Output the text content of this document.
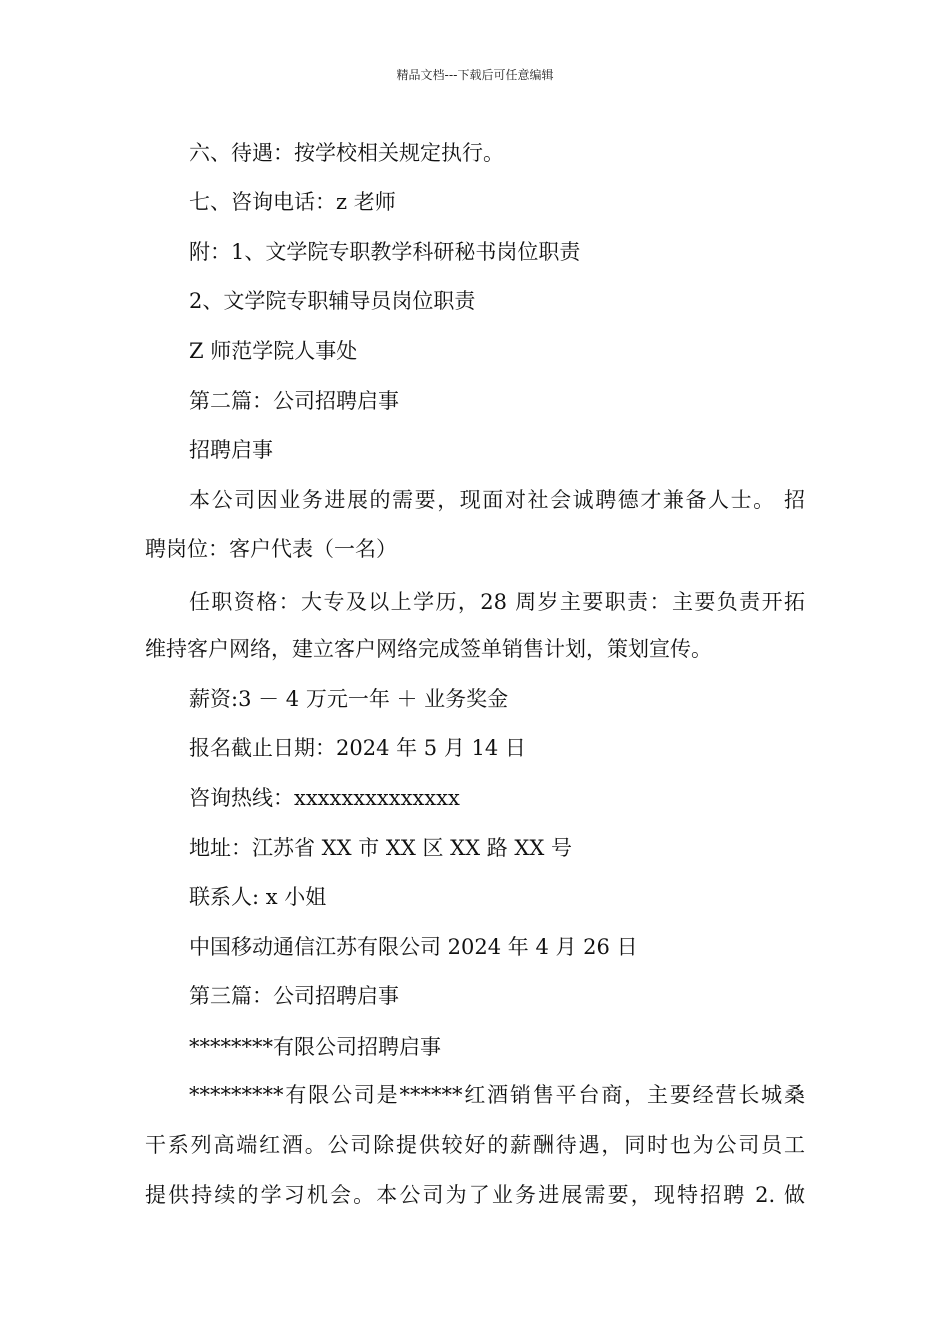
精品文档---下载后可任意编辑
六、待遇：按学校相关规定执行。
七、咨询电话：z 老师
附：1、文学院专职教学科研秘书岗位职责
2、文学院专职辅导员岗位职责
Z 师范学院人事处
第二篇：公司招聘启事
招聘启事
本公司因业务进展的需要，现面对社会诚聘德才兼备人士。 招
聘岗位：客户代表（一名）
任职资格：大专及以上学历，28 周岁主要职责：主要负责开拓
维持客户网络，建立客户网络完成签单销售计划，策划宣传。
薪资:3 － 4 万元一年 ＋ 业务奖金
报名截止日期：2024 年 5 月 14 日
咨询热线：xxxxxxxxxxxxxx
地址：江苏省 XX 市 XX 区 XX 路 XX 号
联系人: x 小姐
中国移动通信江苏有限公司 2024 年 4 月 26 日
第三篇：公司招聘启事
********有限公司招聘启事
*********有限公司是******红酒销售平台商，主要经营长城桑
干系列高端红酒。公司除提供较好的薪酬待遇，同时也为公司员工
提供持续的学习机会。本公司为了业务进展需要，现特招聘 2. 做
